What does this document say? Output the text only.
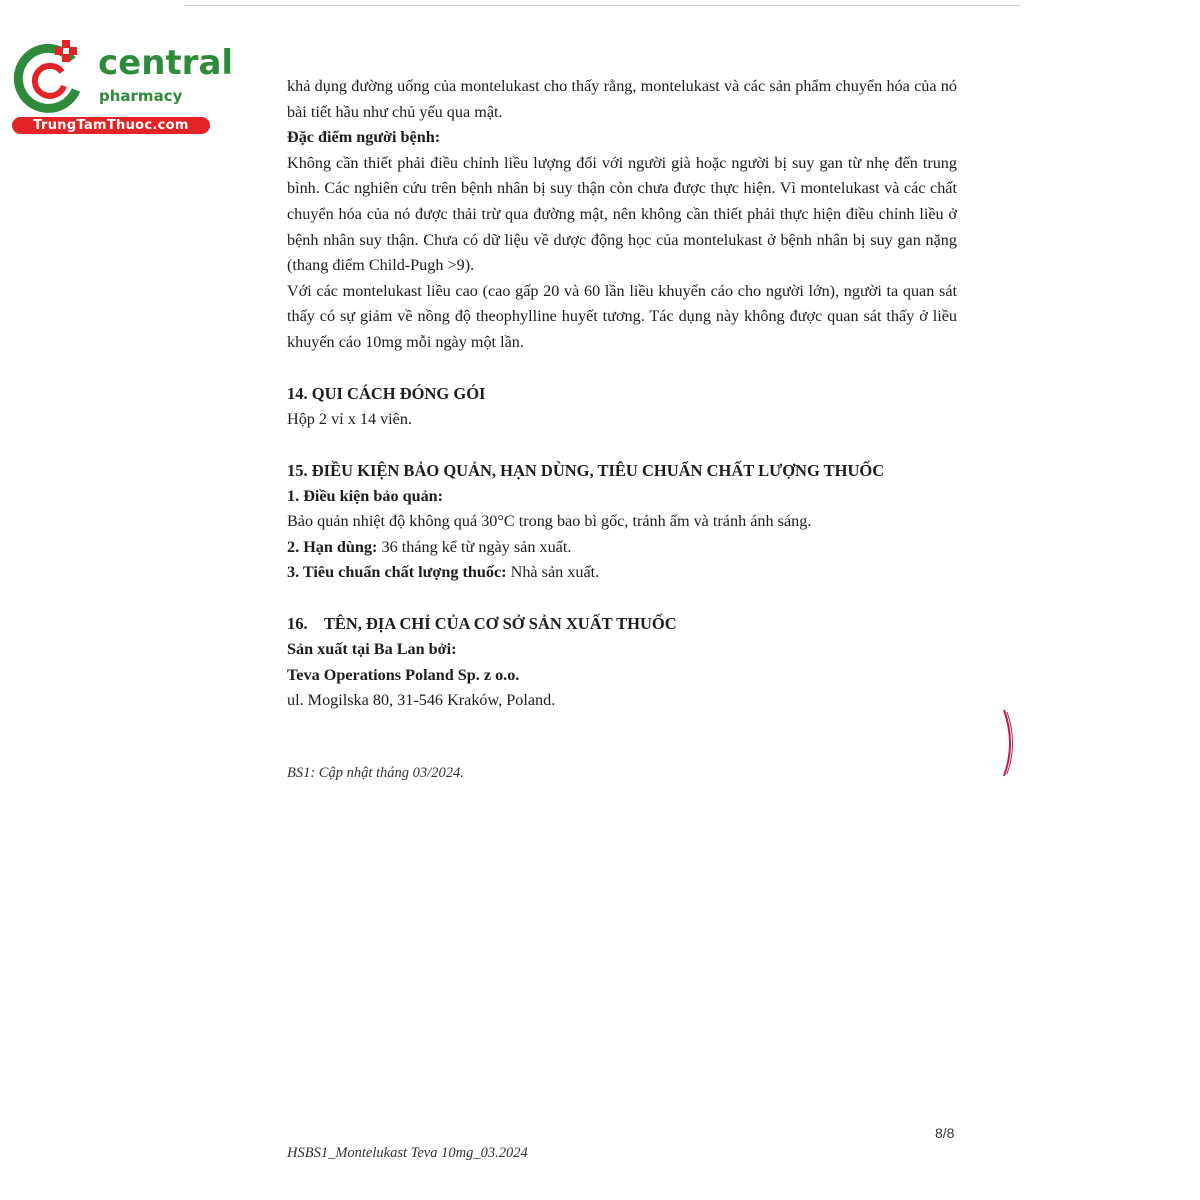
central
pharmacy
TrungTamThuoc.com

khả dụng đường uống của montelukast cho thấy rằng, montelukast và các sản phẩm chuyển hóa của nó bài tiết hầu như chủ yếu qua mật.

Đặc điểm người bệnh:

Không cần thiết phải điều chỉnh liều lượng đối với người già hoặc người bị suy gan từ nhẹ đến trung bình. Các nghiên cứu trên bệnh nhân bị suy thận còn chưa được thực hiện. Vì montelukast và các chất chuyển hóa của nó được thải trừ qua đường mật, nên không cần thiết phải thực hiện điều chỉnh liều ở bệnh nhân suy thận. Chưa có dữ liệu về dược động học của montelukast ở bệnh nhân bị suy gan nặng (thang điểm Child-Pugh >9).

Với các montelukast liều cao (cao gấp 20 và 60 lần liều khuyến cáo cho người lớn), người ta quan sát thấy có sự giảm về nồng độ theophylline huyết tương. Tác dụng này không được quan sát thấy ở liều khuyến cáo 10mg mỗi ngày một lần.

14. QUI CÁCH ĐÓNG GÓI

Hộp 2 vỉ x 14 viên.

15. ĐIỀU KIỆN BẢO QUẢN, HẠN DÙNG, TIÊU CHUẨN CHẤT LƯỢNG THUỐC

1. Điều kiện bảo quản:

Bảo quản nhiệt độ không quá 30°C trong bao bì gốc, tránh ẩm và tránh ánh sáng.

2. Hạn dùng: 36 tháng kể từ ngày sản xuất.

3. Tiêu chuẩn chất lượng thuốc: Nhà sản xuất.

16.    TÊN, ĐỊA CHỈ CỦA CƠ SỞ SẢN XUẤT THUỐC

Sản xuất tại Ba Lan bởi:

Teva Operations Poland Sp. z o.o.

ul. Mogilska 80, 31-546 Kraków, Poland.

BS1: Cập nhật tháng 03/2024.
8/8
HSBS1_Montelukast Teva 10mg_03.2024
